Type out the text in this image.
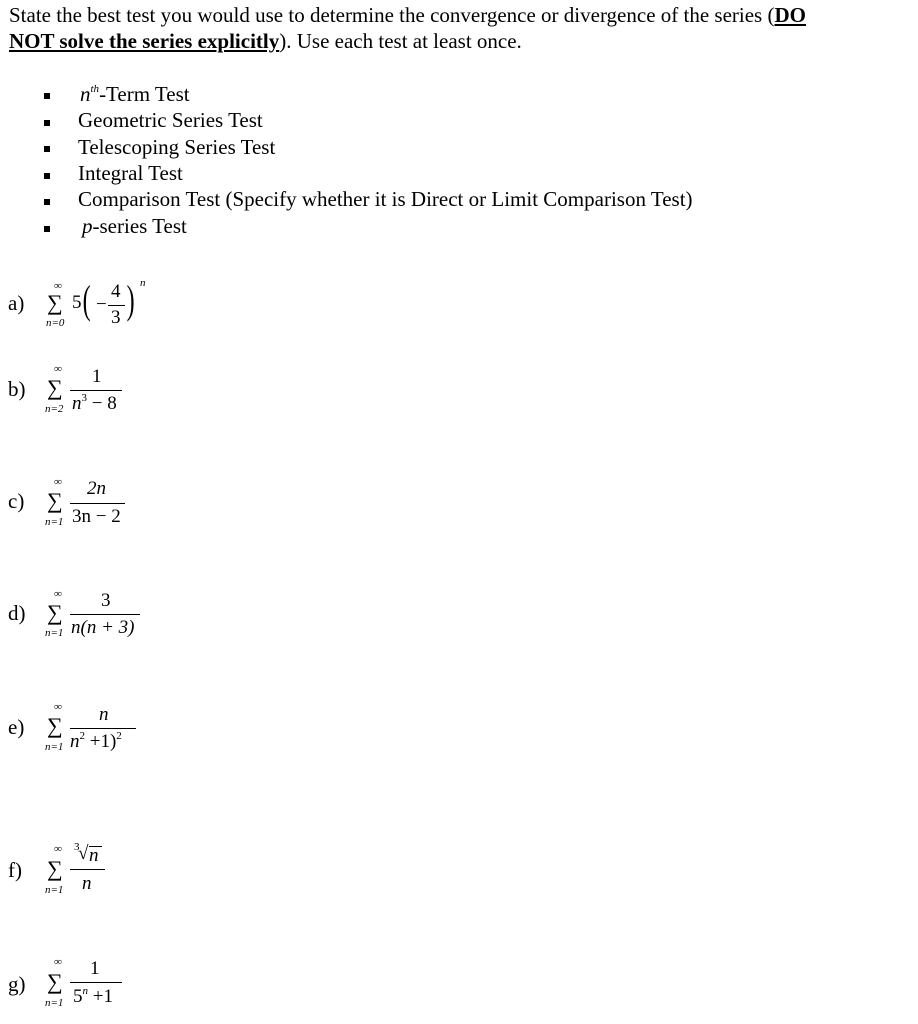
State the best test you would use to determine the convergence or divergence of the series (DO
NOT solve the series explicitly). Use each test at least once.
$n^{th}$-Term Test
Geometric Series Test
Telescoping Series Test
Integral Test
Comparison Test (Specify whether it is Direct or Limit Comparison Test)
p-series Test
a)
∞
∑
n=0
5 ( −
4
3 ) n
b)
∞
∑
n=2
1
$n^3 - 8$
c)
∞
∑
n=1
2n
3n − 2
d)
∞
∑
n=1
3
n(n + 3)
e)
∞
∑
n=1
n
$n^2 +1)^2$
f)
∞
∑
n=1
3
√ n
n
g)
∞
∑
n=1
1
$5^n +1$
